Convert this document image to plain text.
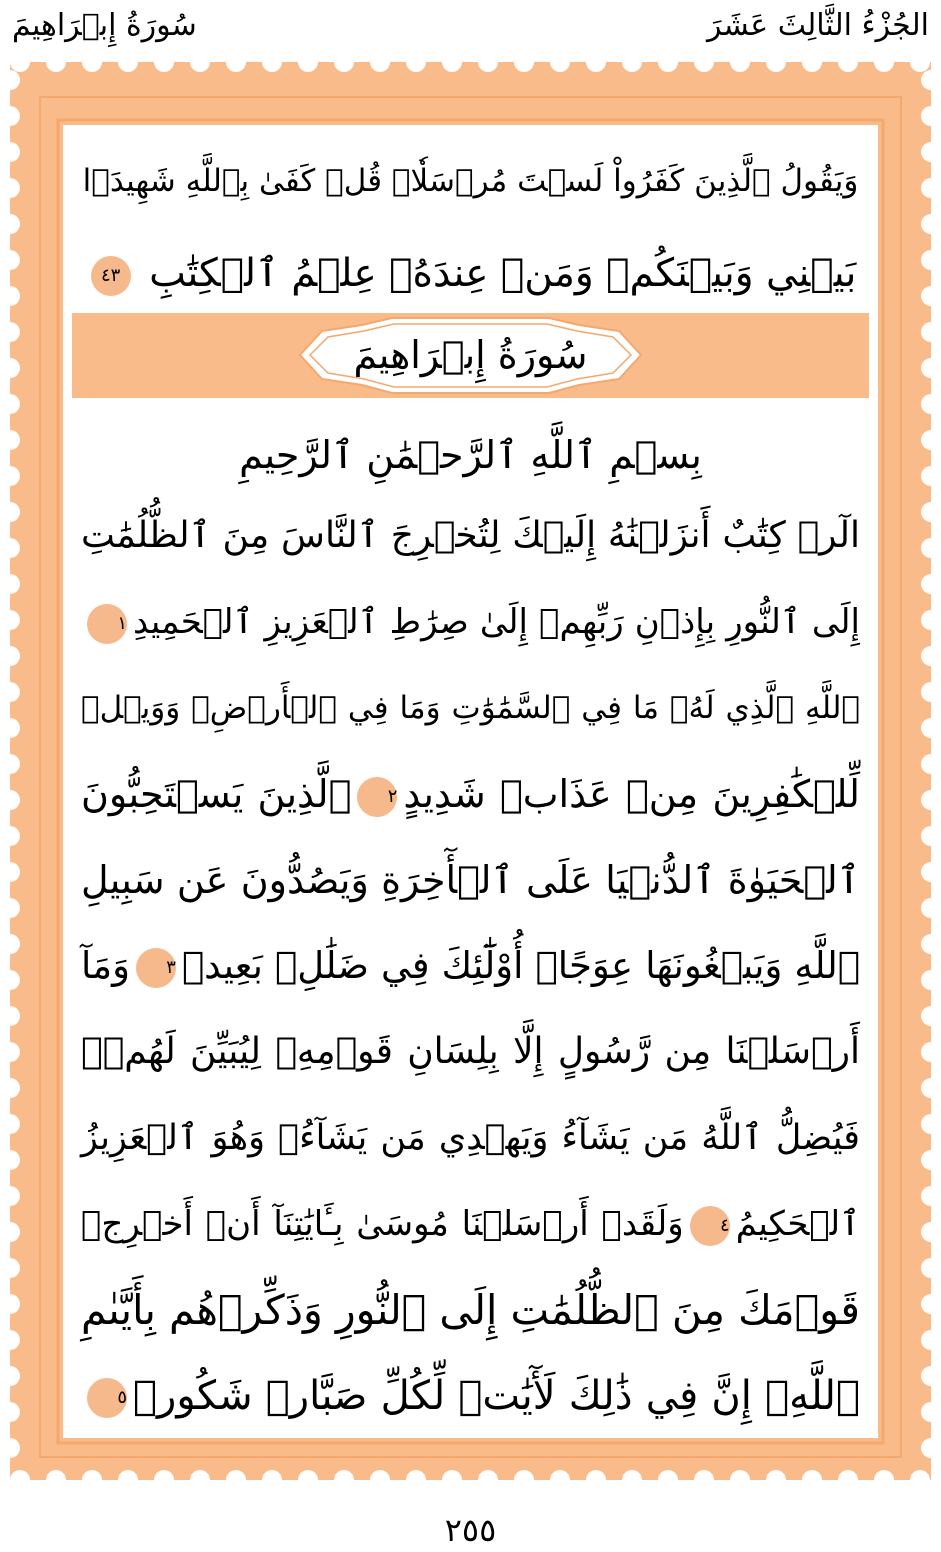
الجُزْءُ الثَّالِثَ عَشَرَ
سُورَةُ إِبۡرَاهِيمَ
وَيَقُولُ ٱلَّذِينَ كَفَرُواْ لَسۡتَ مُرۡسَلٗاۚ قُلۡ كَفَىٰ بِٱللَّهِ شَهِيدَۢا
بَيۡنِي وَبَيۡنَكُمۡ وَمَنۡ عِندَهُۥ عِلۡمُ ٱلۡكِتَٰبِ ٤٣
بِسۡمِ ٱللَّهِ ٱلرَّحۡمَٰنِ ٱلرَّحِيمِ
الٓرۚ كِتَٰبٌ أَنزَلۡنَٰهُ إِلَيۡكَ لِتُخۡرِجَ ٱلنَّاسَ مِنَ ٱلظُّلُمَٰتِ
إِلَى ٱلنُّورِ بِإِذۡنِ رَبِّهِمۡ إِلَىٰ صِرَٰطِ ٱلۡعَزِيزِ ٱلۡحَمِيدِ١
ٱللَّهِ ٱلَّذِي لَهُۥ مَا فِي ٱلسَّمَٰوَٰتِ وَمَا فِي ٱلۡأَرۡضِۗ وَوَيۡلٞ
لِّلۡكَٰفِرِينَ مِنۡ عَذَابٖ شَدِيدٍ٢ٱلَّذِينَ يَسۡتَحِبُّونَ
ٱلۡحَيَوٰةَ ٱلدُّنۡيَا عَلَى ٱلۡأٓخِرَةِ وَيَصُدُّونَ عَن سَبِيلِ
ٱللَّهِ وَيَبۡغُونَهَا عِوَجًاۚ أُوْلَٰٓئِكَ فِي ضَلَٰلِۢ بَعِيدٖ٣وَمَآ
أَرۡسَلۡنَا مِن رَّسُولٍ إِلَّا بِلِسَانِ قَوۡمِهِۦ لِيُبَيِّنَ لَهُمۡۖ
فَيُضِلُّ ٱللَّهُ مَن يَشَآءُ وَيَهۡدِي مَن يَشَآءُۚ وَهُوَ ٱلۡعَزِيزُ
ٱلۡحَكِيمُ٤وَلَقَدۡ أَرۡسَلۡنَا مُوسَىٰ بِـَٔايَٰتِنَآ أَنۡ أَخۡرِجۡ
قَوۡمَكَ مِنَ ٱلظُّلُمَٰتِ إِلَى ٱلنُّورِ وَذَكِّرۡهُم بِأَيَّىٰمِ
ٱللَّهِۚ إِنَّ فِي ذَٰلِكَ لَأٓيَٰتٖ لِّكُلِّ صَبَّارٖ شَكُورٖ٥
سُورَةُ إِبۡرَاهِيمَ
٢٥٥
